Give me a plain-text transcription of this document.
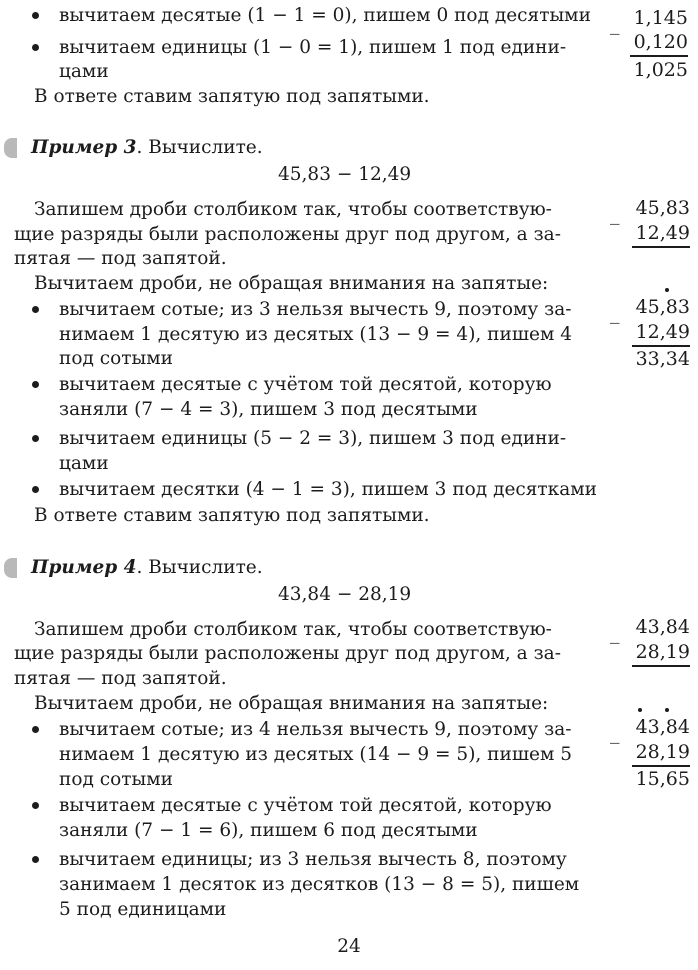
вычитаем десятые (1 − 1 = 0), пишем 0 под десятыми
вычитаем единицы (1 − 0 = 1), пишем 1 под едини-
цами
В ответе ставим запятую под запятыми.
_ 1,145
0,120
1,025
Пример 3. Вычислите.
45,83 − 12,49
Запишем дроби столбиком так, чтобы соответствую-
щие разряды были расположены друг под другом, а за-
пятая — под запятой.
Вычитаем дроби, не обращая внимания на запятые:
вычитаем сотые; из 3 нельзя вычесть 9, поэтому за-
нимаем 1 десятую из десятых (13 − 9 = 4), пишем 4
под сотыми
вычитаем десятые с учётом той десятой, которую
заняли (7 − 4 = 3), пишем 3 под десятыми
вычитаем единицы (5 − 2 = 3), пишем 3 под едини-
цами
вычитаем десятки (4 − 1 = 3), пишем 3 под десятками
В ответе ставим запятую под запятыми.
_ 45,83
12,49
_ 45,83
12,49
33,34
Пример 4. Вычислите.
43,84 − 28,19
Запишем дроби столбиком так, чтобы соответствую-
щие разряды были расположены друг под другом, а за-
пятая — под запятой.
Вычитаем дроби, не обращая внимания на запятые:
вычитаем сотые; из 4 нельзя вычесть 9, поэтому за-
нимаем 1 десятую из десятых (14 − 9 = 5), пишем 5
под сотыми
вычитаем десятые с учётом той десятой, которую
заняли (7 − 1 = 6), пишем 6 под десятыми
вычитаем единицы; из 3 нельзя вычесть 8, поэтому
занимаем 1 десяток из десятков (13 − 8 = 5), пишем
5 под единицами
_ 43,84
28,19
_ 43,84
28,19
15,65
24
